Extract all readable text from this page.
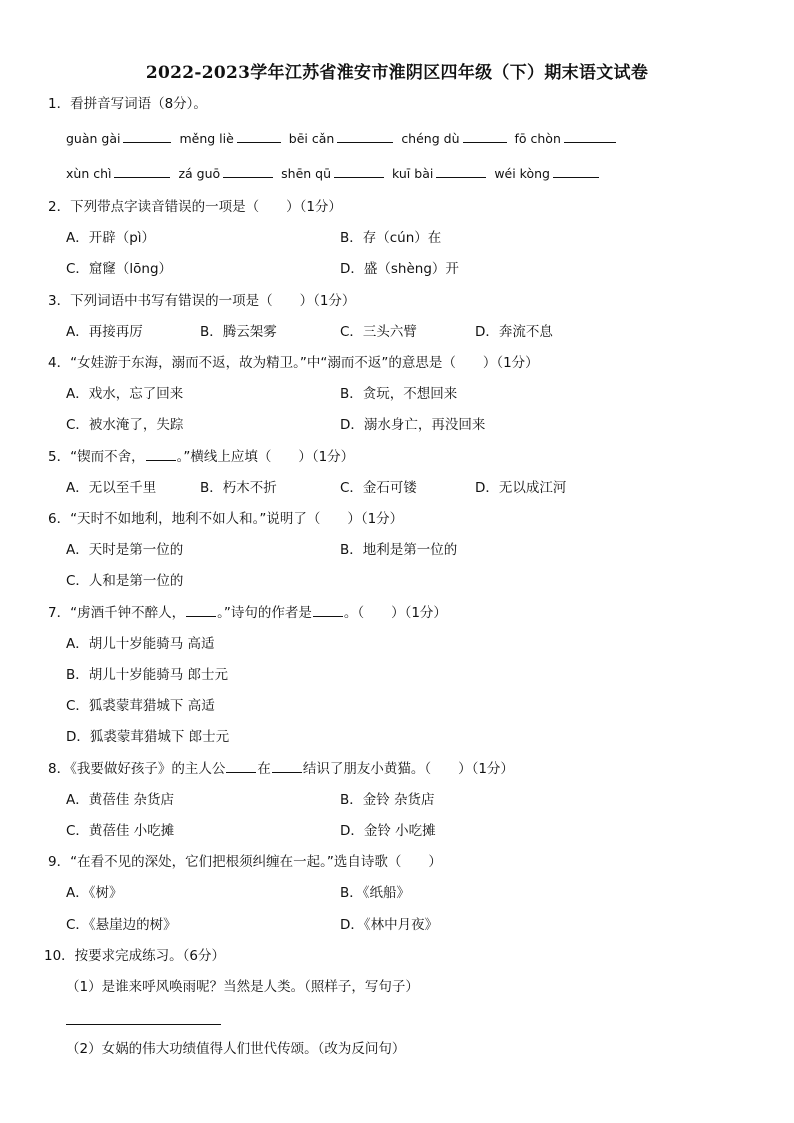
2022-2023学年江苏省淮安市淮阴区四年级（下）期末语文试卷
1．看拼音写词语（8分）。
guàn gài	měng liè	bēi cǎn	chéng dù	fō chòn
xùn chì	zá guō	shēn qū	kuī bài	wéi kòng
2．下列带点字读音错误的一项是（　　）（1分）
A．开辟（pì）	B．存（cún）在
C．窟窿（lōng）	D．盛（shèng）开
3．下列词语中书写有错误的一项是（　　）（1分）
A．再接再厉	B．腾云架雾	C．三头六臂	D．奔流不息
4．“女娃游于东海，溺而不返，故为精卫。”中“溺而不返”的意思是（　　）（1分）
A．戏水，忘了回来	B．贪玩，不想回来
C．被水淹了，失踪	D．溺水身亡，再没回来
5．“锲而不舍， 。”横线上应填（　　）（1分）
A．无以至千里	B．朽木不折	C．金石可镂	D．无以成江河
6．“天时不如地利，地利不如人和。”说明了（　　）（1分）
A．天时是第一位的	B．地利是第一位的
C．人和是第一位的
7．“虏酒千钟不醉人， 。”诗句的作者是 。（　　）（1分）
A．胡儿十岁能骑马 高适
B．胡儿十岁能骑马 郎士元
C．狐裘蒙茸猎城下 高适
D．狐裘蒙茸猎城下 郎士元
8．《我要做好孩子》的主人公 在 结识了朋友小黄猫。（　　）（1分）
A．黄蓓佳 杂货店	B．金铃 杂货店
C．黄蓓佳 小吃摊	D．金铃 小吃摊
9．“在看不见的深处，它们把根须纠缠在一起。”选自诗歌（　　）
A．《树》	B．《纸船》
C．《悬崖边的树》	D．《林中月夜》
10．按要求完成练习。（6分）
（1）是谁来呼风唤雨呢？当然是人类。（照样子，写句子）
（2）女娲的伟大功绩值得人们世代传颂。（改为反问句）
